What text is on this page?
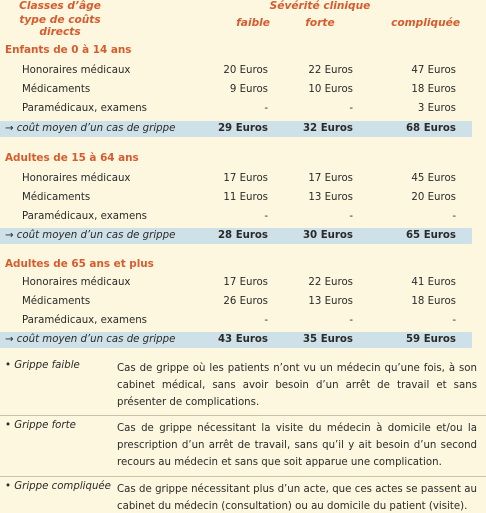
Classes d’âge
type de coûts directs
Sévérité clinique
faible	forte	compliquée
Enfants de 0 à 14 ans
Honoraires médicaux	20 Euros	22 Euros	47 Euros
Médicaments	9 Euros	10 Euros	18 Euros
Paramédicaux, examens	-	-	3 Euros
→ coût moyen d’un cas de grippe	29 Euros	32 Euros	68 Euros
Adultes de 15 à 64 ans
Honoraires médicaux	17 Euros	17 Euros	45 Euros
Médicaments	11 Euros	13 Euros	20 Euros
Paramédicaux, examens	-	-	-
→ coût moyen d’un cas de grippe	28 Euros	30 Euros	65 Euros
Adultes de 65 ans et plus
Honoraires médicaux	17 Euros	22 Euros	41 Euros
Médicaments	26 Euros	13 Euros	18 Euros
Paramédicaux, examens	-	-	-
→ coût moyen d’un cas de grippe	43 Euros	35 Euros	59 Euros
• Grippe faible	Cas de grippe où les patients n’ont vu un médecin qu’une fois, à son cabinet médical, sans avoir besoin d’un arrêt de travail et sans présenter de complications.
• Grippe forte	Cas de grippe nécessitant la visite du médecin à domicile et/ou la prescription d’un arrêt de travail, sans qu’il y ait besoin d’un second recours au médecin et sans que soit apparue une complication.
• Grippe compliquée Cas de grippe nécessitant plus d’un acte, que ces actes se passent au cabinet du médecin (consultation) ou au domicile du patient (visite).
